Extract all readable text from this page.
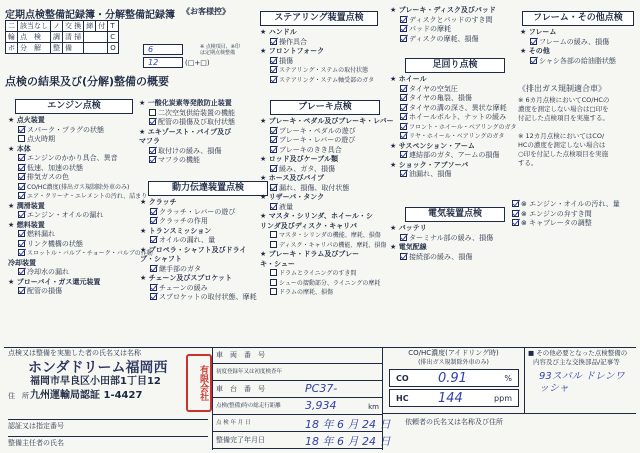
定期点検整備記録簿・分解整備記録簿 《お客様控》
二	該当なし	ノ	交 換	締	付	T
輪	点　検	調	清 掃			C
ボ	分　解	整	備			O	6
12	(□+□)
※ 点検項目、※印は定期点検整備
点検の結果及び(分解)整備の概要
エンジン点検
★ 点火装置
スパーク・プラグの状態
点火時期
★ 本体
エンジンのかかり具合、異音
低速、加速の状態
排気ガスの色
CO/HC濃度(排出ガス規制除外車のみ)
エア・クリーナ・エレメントの汚れ、詰まり
★ 潤滑装置
エンジン・オイルの漏れ
★ 燃料装置
燃料漏れ
リンク機構の状態
スロットル・バルブ・チョーク・バルブの作動
冷却装置
冷却水の漏れ
★ ブローバイ・ガス還元装置
配管の損傷
★ 一酸化炭素等発散防止装置
二次空気供給装置の機能
配管の損傷及び取付状態
★ エキゾースト・パイプ及び
マフラ
取付けの緩み、損傷
マフラの機能
動力伝達装置点検
★ クラッチ
クラッチ・レバーの遊び
クラッチの作用
★ トランスミッション
オイルの漏れ、量
★ プロペラ・シャフト及びドライ
ブ・シャフト
継手部のガタ
★ チェーン及びスプロケット
チェーンの緩み
スプロケットの取付状態、摩耗
ステアリング装置点検
★ ハンドル
操作具合
★ フロントフォーク
損傷
ステアリング・ステムの取付状態
ステアリング・ステム軸受部のガタ
ブレーキ点検
★ ブレーキ・ペダル及びブレーキ・レバー
ブレーキ・ペダルの遊び
ブレーキ・レバーの遊び
ブレーキのきき具合
★ ロッド及びケーブル類
緩み、ガタ、損傷
★ ホース及びパイプ
漏れ、損傷、取付状態
★ リザーバ・タンク
液量
★ マスタ・シリンダ、ホイール・シ
リンダ及びディスク・キャリパ
マスタ・シリンダの機能、摩耗、損傷
ディスク・キャリパの機能、摩耗、損傷
★ ブレーキ・ドラム及びブレー
キ・シュー
ドラムとライニングのすき間
シューの摺動部分、ライニングの摩耗
ドラムの摩耗、損傷
★ ブレーキ・ディスク及びパッド
ディスクとパッドのすき間
パッドの摩耗
ディスクの摩耗、損傷
足回り点検
★ ホイール
タイヤの空気圧
タイヤの亀裂、損傷
タイヤの溝の深さ、異状な摩耗
ホイールボルト、ナットの緩み
フロント・ホイール・ベアリングのガタ
リヤ・ホイール・ベアリングのガタ
★ サスペンション・アーム
連結部のガタ、アームの損傷
★ ショック・アブソーバ
油漏れ、損傷
電気装置点検
★ バッテリ
ターミナル部の緩み、損傷
★ 電気配線
接続部の緩み、損傷
フレーム・その他点検
★ フレーム
フレームの緩み、損傷
★ その他
シャシ各部の給油脂状態
《排出ガス規制適合車》
※ 6カ月点検においてCO/HCの
濃度を測定しない場合は□印を
付記した点検項目を実施する。
※ 12カ月点検においてはCO/
HCの濃度を測定しない場合は
○印を付記した点検項目を実施
する。
⊗ エンジン・オイルの汚れ、量
⊗ エンジンの弁すき間
⊗ キャブレータの調整
点検又は整備を実施した者の氏名又は名称
ホンダドリーム福岡西
福岡市早良区小田部1丁目12
九州運輸局認証 1-4427
住　所
認証又は指定番号
整備主任者の氏名
有限会社
車　両　番　号
初度登録年又は初度検査年
車　台　番　号	PC37-
点検(整備)時の総走行距離 3,934	km
点 検 年 月 日	18 年 6 月 24 日
整備完了年月日	18 年 6 月 24 日
CO/HC濃度(アイドリング時)
(排出ガス規制除外車のみ)
CO 0.91	%
HC 144	ppm
依頼者の氏名又は名称及び住所
■ その他必要となった点検整備の
内容及び主な交換部品/記事等
93スバル ドレンワッシャ
